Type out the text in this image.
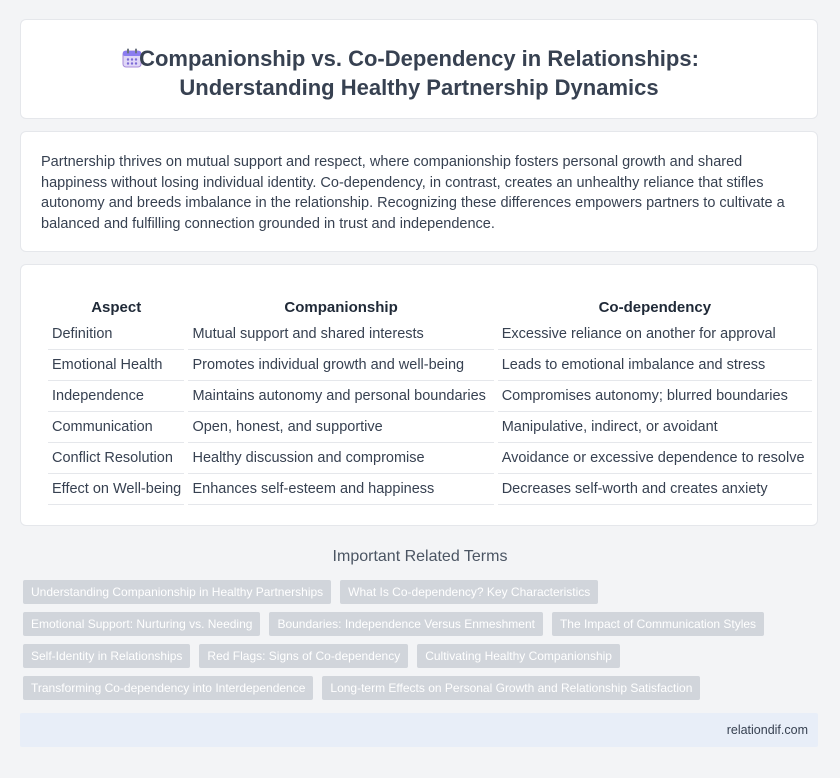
Companionship vs. Co-Dependency in Relationships:
Understanding Healthy Partnership Dynamics

Partnership thrives on mutual support and respect, where companionship fosters personal growth and shared happiness without losing individual identity. Co-dependency, in contrast, creates an unhealthy reliance that stifles autonomy and breeds imbalance in the relationship. Recognizing these differences empowers partners to cultivate a balanced and fulfilling connection grounded in trust and independence.

Aspect	Companionship	Co-dependency
Definition	Mutual support and shared interests	Excessive reliance on another for approval
Emotional Health	Promotes individual growth and well-being	Leads to emotional imbalance and stress
Independence	Maintains autonomy and personal boundaries	Compromises autonomy; blurred boundaries
Communication	Open, honest, and supportive	Manipulative, indirect, or avoidant
Conflict Resolution	Healthy discussion and compromise	Avoidance or excessive dependence to resolve
Effect on Well-being	Enhances self-esteem and happiness	Decreases self-worth and creates anxiety
Important Related Terms
Understanding Companionship in Healthy Partnerships	What Is Co-dependency? Key Characteristics
Emotional Support: Nurturing vs. Needing	Boundaries: Independence Versus Enmeshment	The Impact of Communication Styles
Self-Identity in Relationships	Red Flags: Signs of Co-dependency	Cultivating Healthy Companionship
Transforming Co-dependency into Interdependence	Long-term Effects on Personal Growth and Relationship Satisfaction
relationdif.com
